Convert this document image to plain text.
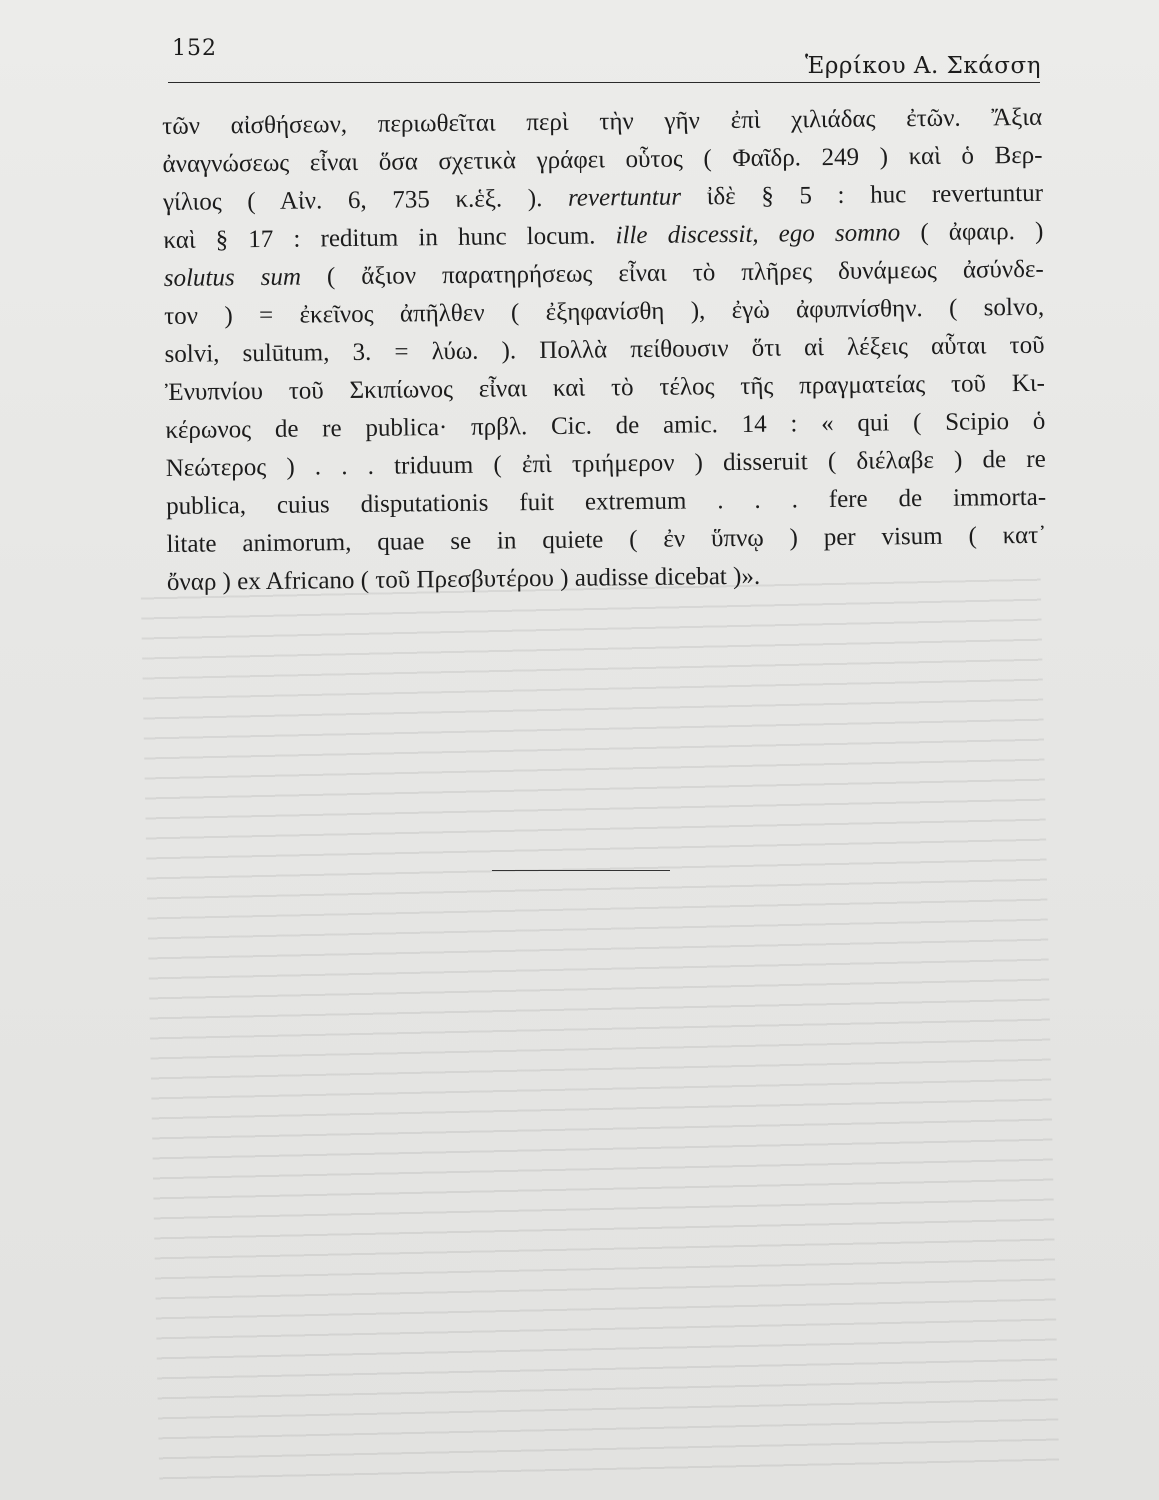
152
Ἑρρίκου Α. Σκάσση
τῶν αἰσθήσεων, περιωθεῖται περὶ τὴν γῆν ἐπὶ χιλιάδας ἐτῶν. Ἄξια
ἀναγνώσεως εἶναι ὅσα σχετικὰ γράφει οὗτος ( Φαῖδρ. 249 ) καὶ ὁ Βερ-
γίλιος ( Αἰν. 6, 735 κ.ἑξ. ). revertuntur ἰδὲ § 5 : huc revertuntur
καὶ § 17 : reditum in hunc locum. ille discessit, ego somno ( ἀφαιρ. )
solutus sum ( ἄξιον παρατηρήσεως εἶναι τὸ πλῆρες δυνάμεως ἀσύνδε-
τον ) = ἐκεῖνος ἀπῆλθεν ( ἐξηφανίσθη ), ἐγὼ ἀφυπνίσθην. ( solvo,
solvi, sulūtum, 3. = λύω. ). Πολλὰ πείθουσιν ὅτι αἱ λέξεις αὗται τοῦ
Ἐνυπνίου τοῦ Σκιπίωνος εἶναι καὶ τὸ τέλος τῆς πραγματείας τοῦ Κι-
κέρωνος de re publica· πρβλ. Cic. de amic. 14 : « qui ( Scipio ὁ
Νεώτερος ) . . . triduum ( ἐπὶ τριήμερον ) disseruit ( διέλαβε ) de re
publica, cuius disputationis fuit extremum . . . fere de immorta-
litate animorum, quae se in quiete ( ἐν ὕπνῳ ) per visum ( κατ᾽
ὄναρ ) ex Africano ( τοῦ Πρεσβυτέρου ) audisse dicebat )».
